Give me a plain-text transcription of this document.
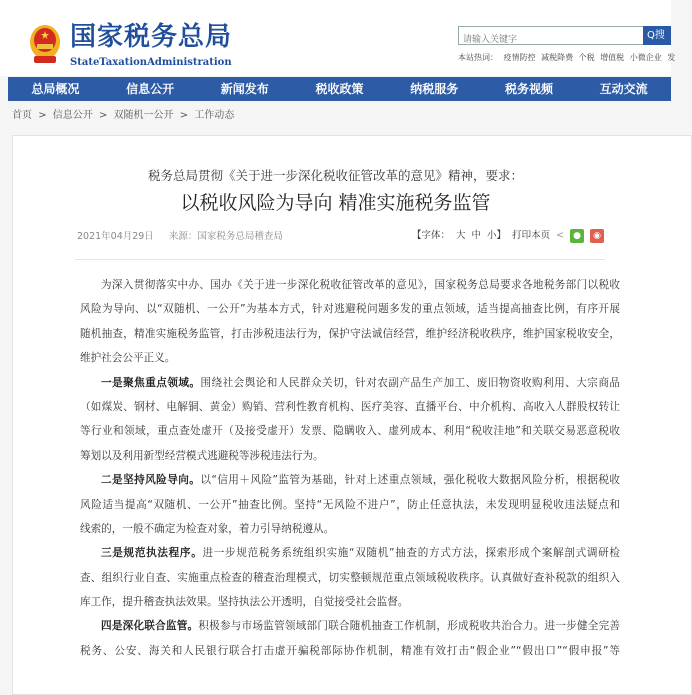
国家税务总局
StateTaxationAdministration
请输入关键字
Q搜
本站热词： 疫情防控 减税降费 个税 增值税 小微企业 发
总局概况	信息公开	新闻发布	税收政策	纳税服务	税务视频	互动交流
首页 > 信息公开 > 双随机一公开 > 工作动态
税务总局贯彻《关于进一步深化税收征管改革的意见》精神，要求：
以税收风险为导向 精准实施税务监管
2021年04月29日 来源：国家税务总局稽查局	【字体： 大 中 小】 打印本页 <	●	◉
为深入贯彻落实中办、国办《关于进一步深化税收征管改革的意见》，国家税务总局要求各地税务部门以税收
风险为导向、以“双随机、一公开”为基本方式，针对逃避税问题多发的重点领域，适当提高抽查比例，有序开展
随机抽查，精准实施税务监管，打击涉税违法行为，保护守法诚信经营，维护经济税收秩序，维护国家税收安全，
维护社会公平正义。
一是聚焦重点领域。围绕社会舆论和人民群众关切，针对农副产品生产加工、废旧物资收购利用、大宗商品
（如煤炭、钢材、电解铜、黄金）购销、营利性教育机构、医疗美容、直播平台、中介机构、高收入人群股权转让
等行业和领域，重点查处虚开（及接受虚开）发票、隐瞒收入、虚列成本、利用“税收洼地”和关联交易恶意税收
筹划以及利用新型经营模式逃避税等涉税违法行为。
二是坚持风险导向。以“信用＋风险”监管为基础，针对上述重点领域，强化税收大数据风险分析，根据税收
风险适当提高“双随机、一公开”抽查比例。坚持“无风险不进户”，防止任意执法，未发现明显税收违法疑点和
线索的，一般不确定为检查对象，着力引导纳税遵从。
三是规范执法程序。进一步规范税务系统组织实施“双随机”抽查的方式方法，探索形成个案解剖式调研检
查、组织行业自查、实施重点检查的稽查治理模式，切实整顿规范重点领域税收秩序。认真做好查补税款的组织入
库工作，提升稽查执法效果。坚持执法公开透明，自觉接受社会监督。
四是深化联合监管。积极参与市场监管领域部门联合随机抽查工作机制，形成税收共治合力。进一步健全完善
税务、公安、海关和人民银行联合打击虚开骗税部际协作机制，精准有效打击“假企业”“假出口”“假申报”等
